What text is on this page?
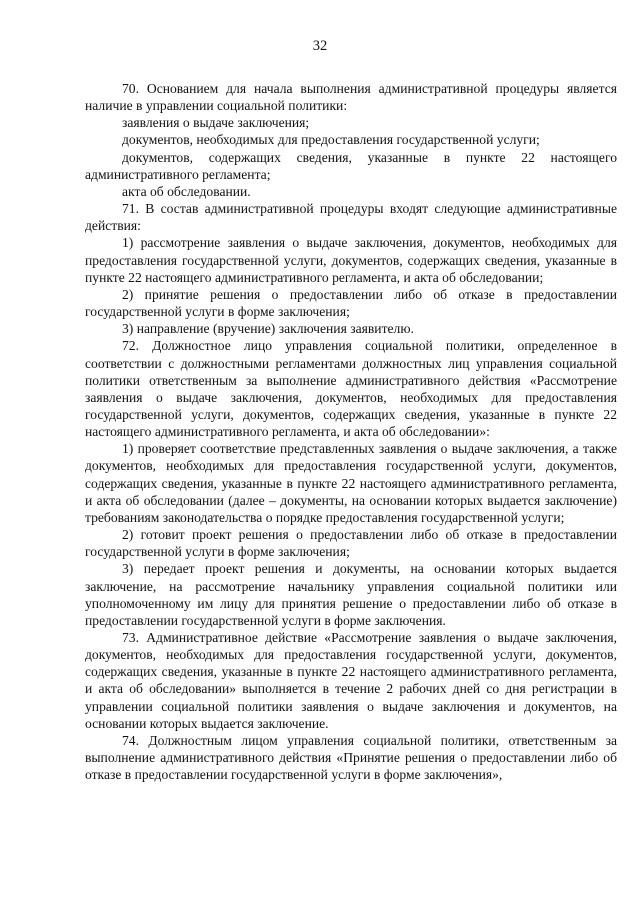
32

70. Основанием для начала выполнения административной процедуры является наличие в управлении социальной политики:

заявления о выдаче заключения;

документов, необходимых для предоставления государственной услуги;

документов, содержащих сведения, указанные в пункте 22 настоящего административного регламента;

акта об обследовании.

71. В состав административной процедуры входят следующие административные действия:

1) рассмотрение заявления о выдаче заключения, документов, необходимых для предоставления государственной услуги, документов, содержащих сведения, указанные в пункте 22 настоящего административного регламента, и акта об обследовании;

2) принятие решения о предоставлении либо об отказе в предоставлении государственной услуги в форме заключения;

3) направление (вручение) заключения заявителю.

72. Должностное лицо управления социальной политики, определенное в соответствии с должностными регламентами должностных лиц управления социальной политики ответственным за выполнение административного действия «Рассмотрение заявления о выдаче заключения, документов, необходимых для предоставления государственной услуги, документов, содержащих сведения, указанные в пункте 22 настоящего административного регламента, и акта об обследовании»:

1) проверяет соответствие представленных заявления о выдаче заключения, а также документов, необходимых для предоставления государственной услуги, документов, содержащих сведения, указанные в пункте 22 настоящего административного регламента, и акта об обследовании (далее – документы, на основании которых выдается заключение) требованиям законодательства о порядке предоставления государственной услуги;

2) готовит проект решения о предоставлении либо об отказе в предоставлении государственной услуги в форме заключения;

3) передает проект решения и документы, на основании которых выдается заключение, на рассмотрение начальнику управления социальной политики или уполномоченному им лицу для принятия решение о предоставлении либо об отказе в предоставлении государственной услуги в форме заключения.

73. Административное действие «Рассмотрение заявления о выдаче заключения, документов, необходимых для предоставления государственной услуги, документов, содержащих сведения, указанные в пункте 22 настоящего административного регламента, и акта об обследовании» выполняется в течение 2 рабочих дней со дня регистрации в управлении социальной политики заявления о выдаче заключения и документов, на основании которых выдается заключение.

74. Должностным лицом управления социальной политики, ответственным за выполнение административного действия «Принятие решения о предоставлении либо об отказе в предоставлении государственной услуги в форме заключения»,
